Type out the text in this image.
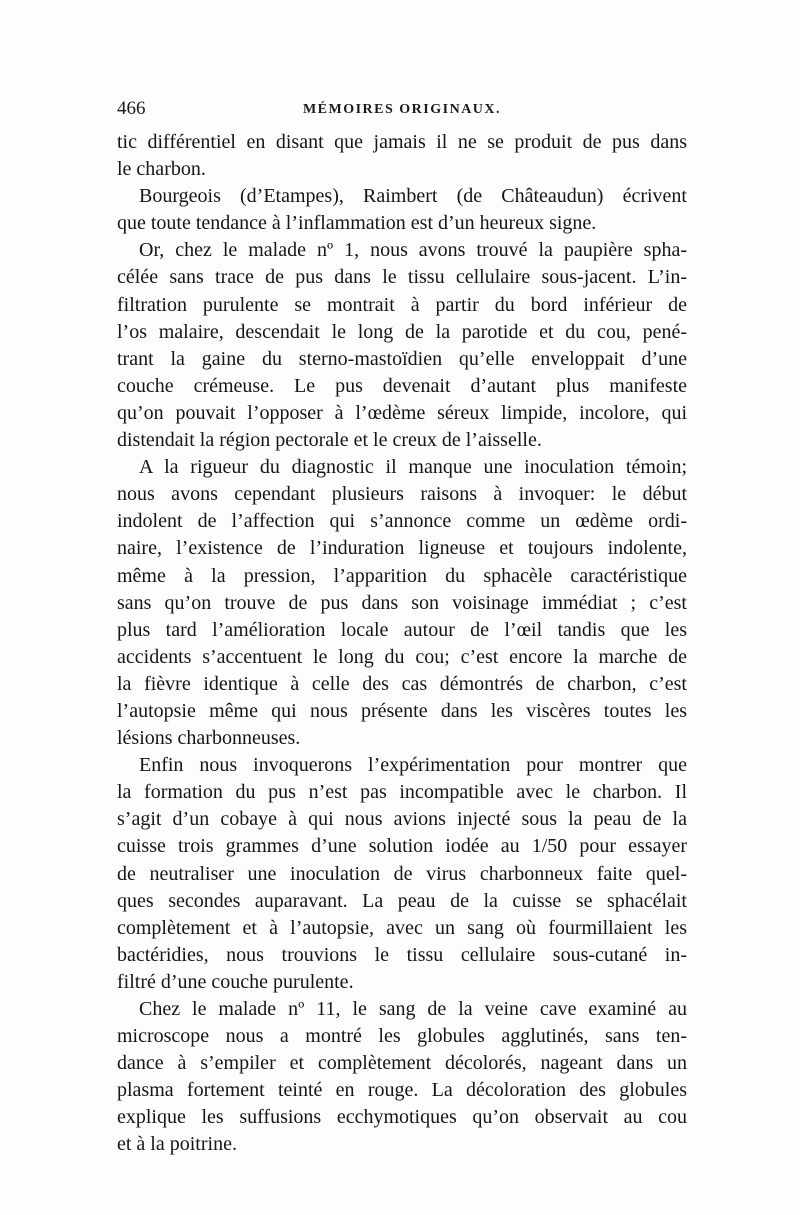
466	MÉMOIRES ORIGINAUX.
tic différentiel en disant que jamais il ne se produit de pus dans
le charbon.
Bourgeois (d’Etampes), Raimbert (de Châteaudun) écrivent
que toute tendance à l’inflammation est d’un heureux signe.
Or, chez le malade nº 1, nous avons trouvé la paupière spha-
célée sans trace de pus dans le tissu cellulaire sous-jacent. L’in-
filtration purulente se montrait à partir du bord inférieur de
l’os malaire, descendait le long de la parotide et du cou, pené-
trant la gaine du sterno-mastoïdien qu’elle enveloppait d’une
couche crémeuse. Le pus devenait d’autant plus manifeste
qu’on pouvait l’opposer à l’œdème séreux limpide, incolore, qui
distendait la région pectorale et le creux de l’aisselle.
A la rigueur du diagnostic il manque une inoculation témoin;
nous avons cependant plusieurs raisons à invoquer: le début
indolent de l’affection qui s’annonce comme un œdème ordi-
naire, l’existence de l’induration ligneuse et toujours indolente,
même à la pression, l’apparition du sphacèle caractéristique
sans qu’on trouve de pus dans son voisinage immédiat ; c’est
plus tard l’amélioration locale autour de l’œil tandis que les
accidents s’accentuent le long du cou; c’est encore la marche de
la fièvre identique à celle des cas démontrés de charbon, c’est
l’autopsie même qui nous présente dans les viscères toutes les
lésions charbonneuses.
Enfin nous invoquerons l’expérimentation pour montrer que
la formation du pus n’est pas incompatible avec le charbon. Il
s’agit d’un cobaye à qui nous avions injecté sous la peau de la
cuisse trois grammes d’une solution iodée au 1/50 pour essayer
de neutraliser une inoculation de virus charbonneux faite quel-
ques secondes auparavant. La peau de la cuisse se sphacélait
complètement et à l’autopsie, avec un sang où fourmillaient les
bactéridies, nous trouvions le tissu cellulaire sous-cutané in-
filtré d’une couche purulente.
Chez le malade nº 11, le sang de la veine cave examiné au
microscope nous a montré les globules agglutinés, sans ten-
dance à s’empiler et complètement décolorés, nageant dans un
plasma fortement teinté en rouge. La décoloration des globules
explique les suffusions ecchymotiques qu’on observait au cou
et à la poitrine.
